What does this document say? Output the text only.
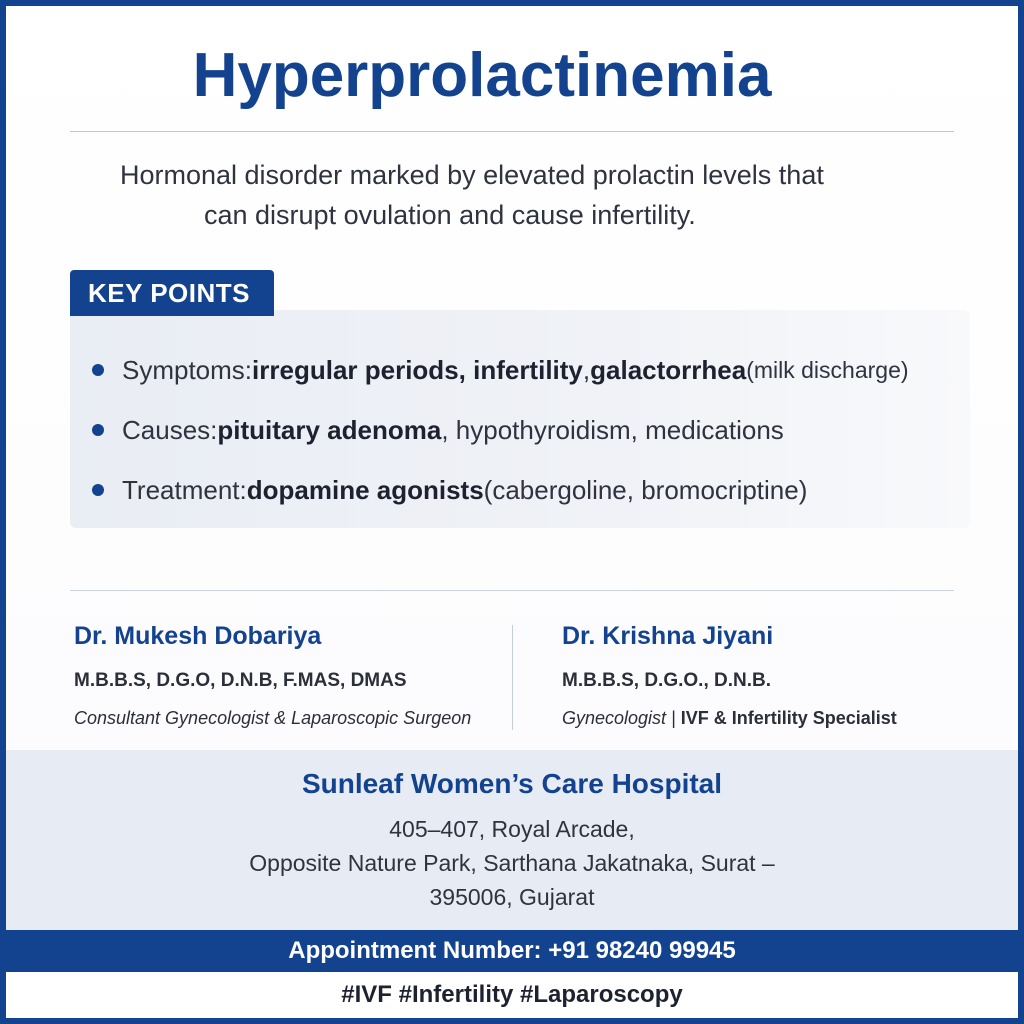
Hyperprolactinemia
Hormonal disorder marked by elevated prolactin levels that
can disrupt ovulation and cause infertility.
KEY POINTS
Symptoms: irregular periods, infertility , galactorrhea (milk discharge)
Causes: pituitary adenoma , hypothyroidism, medications
Treatment: dopamine agonists (cabergoline, bromocriptine)
Dr. Mukesh Dobariya
M.B.B.S, D.G.O, D.N.B, F.MAS, DMAS
Consultant Gynecologist & Laparoscopic Surgeon
Dr. Krishna Jiyani
M.B.B.S, D.G.O., D.N.B.
Gynecologist | IVF & Infertility Specialist
Sunleaf Women’s Care Hospital
405–407, Royal Arcade,
Opposite Nature Park, Sarthana Jakatnaka, Surat –
395006, Gujarat
Appointment Number: +91 98240 99945
#IVF #Infertility #Laparoscopy
